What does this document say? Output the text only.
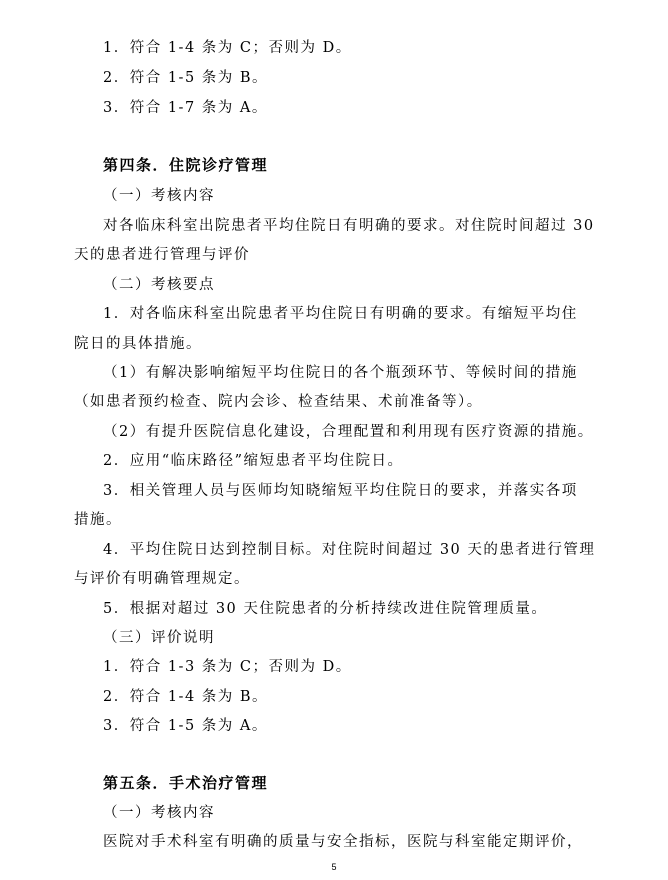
1．符合 1-4 条为 C；否则为 D。
2．符合 1-5 条为 B。
3．符合 1-7 条为 A。
第四条．住院诊疗管理
（一）考核内容
对各临床科室出院患者平均住院日有明确的要求。对住院时间超过 30
天的患者进行管理与评价
（二）考核要点
1．对各临床科室出院患者平均住院日有明确的要求。有缩短平均住
院日的具体措施。
（1）有解决影响缩短平均住院日的各个瓶颈环节、等候时间的措施
（如患者预约检查、院内会诊、检查结果、术前准备等）。
（2）有提升医院信息化建设，合理配置和利用现有医疗资源的措施。
2．应用“临床路径”缩短患者平均住院日。
3．相关管理人员与医师均知晓缩短平均住院日的要求，并落实各项
措施。
4．平均住院日达到控制目标。对住院时间超过 30 天的患者进行管理
与评价有明确管理规定。
5．根据对超过 30 天住院患者的分析持续改进住院管理质量。
（三）评价说明
1．符合 1-3 条为 C；否则为 D。
2．符合 1-4 条为 B。
3．符合 1-5 条为 A。
第五条．手术治疗管理
（一）考核内容
医院对手术科室有明确的质量与安全指标，医院与科室能定期评价，
5
